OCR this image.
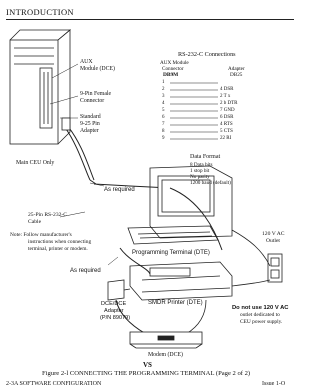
INTRODUCTION
AUX
Module (DCE)
9-Pin Female
Connector
Standard
9-25 Pin
Adapter
Main CEU Only
As required
25-Pin RS-232-C
Cable
Note: Follow manufacturer's
instructions when connecting
terminal, printer or modem.
Programming Terminal (DTE)
As required
120 V AC
Outlet
SMDR Printer (DTE)
DCE/DCE
Adapter
(P/N 89079)
Do not use 120 V AC
outlet dedicated to
CEU power supply.
Modem (DCE)
RS-232-C Connections
AUX Module
Connector
DB9M
Adapter
DB25
1
2
3
4
5
6
7
8
9
4 DSR
2 T x
2 b DTR
7 GND
6 DSR
4 RTS
5 CTS
22 RI
Data Format
8 Data bits
1 stop bit
No parity
1200 baud (default)
VS
Figure 2-l CONNECTING THE PROGRAMMING TERMINAL (Page 2 of 2)
2-3A SOFTWARE CONFIGURATION	Issue 1-O
